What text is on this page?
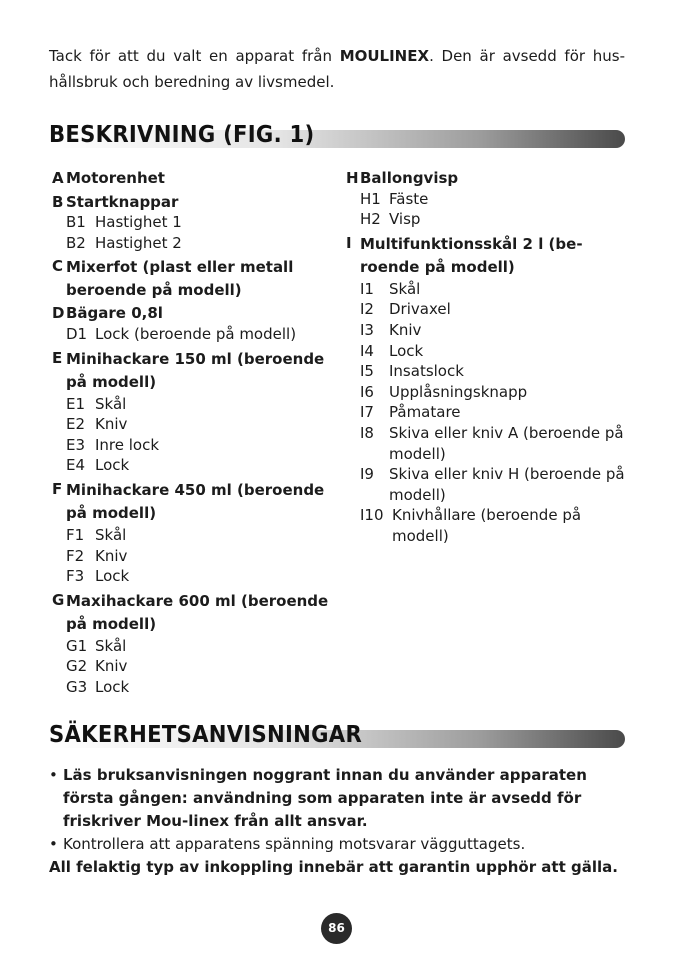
Tack för att du valt en apparat från MOULINEX. Den är avsedd för hus-hållsbruk och beredning av livsmedel.
BESKRIVNING (FIG. 1)
A Motorenhet
B Startknappar
B1 Hastighet 1
B2 Hastighet 2
C Mixerfot (plast eller metall beroende på modell)
D Bägare 0,8l
D1 Lock (beroende på modell)
E Minihackare 150 ml (beroende på modell)
E1 Skål
E2 Kniv
E3 Inre lock
E4 Lock
F Minihackare 450 ml (beroende på modell)
F1 Skål
F2 Kniv
F3 Lock
G Maxihackare 600 ml (beroende på modell)
G1 Skål
G2 Kniv
G3 Lock
H Ballongvisp
H1 Fäste
H2 Visp
I Multifunktionsskål 2 l (be-roende på modell)
I1	Skål
I2	Drivaxel
I3	Kniv
I4	Lock
I5	Insatslock
I6	Upplåsningsknapp
I7	Påmatare
I8	Skiva eller kniv A (beroende på modell)
I9	Skiva eller kniv H (beroende på modell)
I10 Knivhållare (beroende på modell)
SÄKERHETSANVISNINGAR
• Läs bruksanvisningen noggrant innan du använder apparaten första gången: användning som apparaten inte är avsedd för friskriver Mou-linex från allt ansvar.
• Kontrollera att apparatens spänning motsvarar vägguttagets.
All felaktig typ av inkoppling innebär att garantin upphör att gälla.
86
